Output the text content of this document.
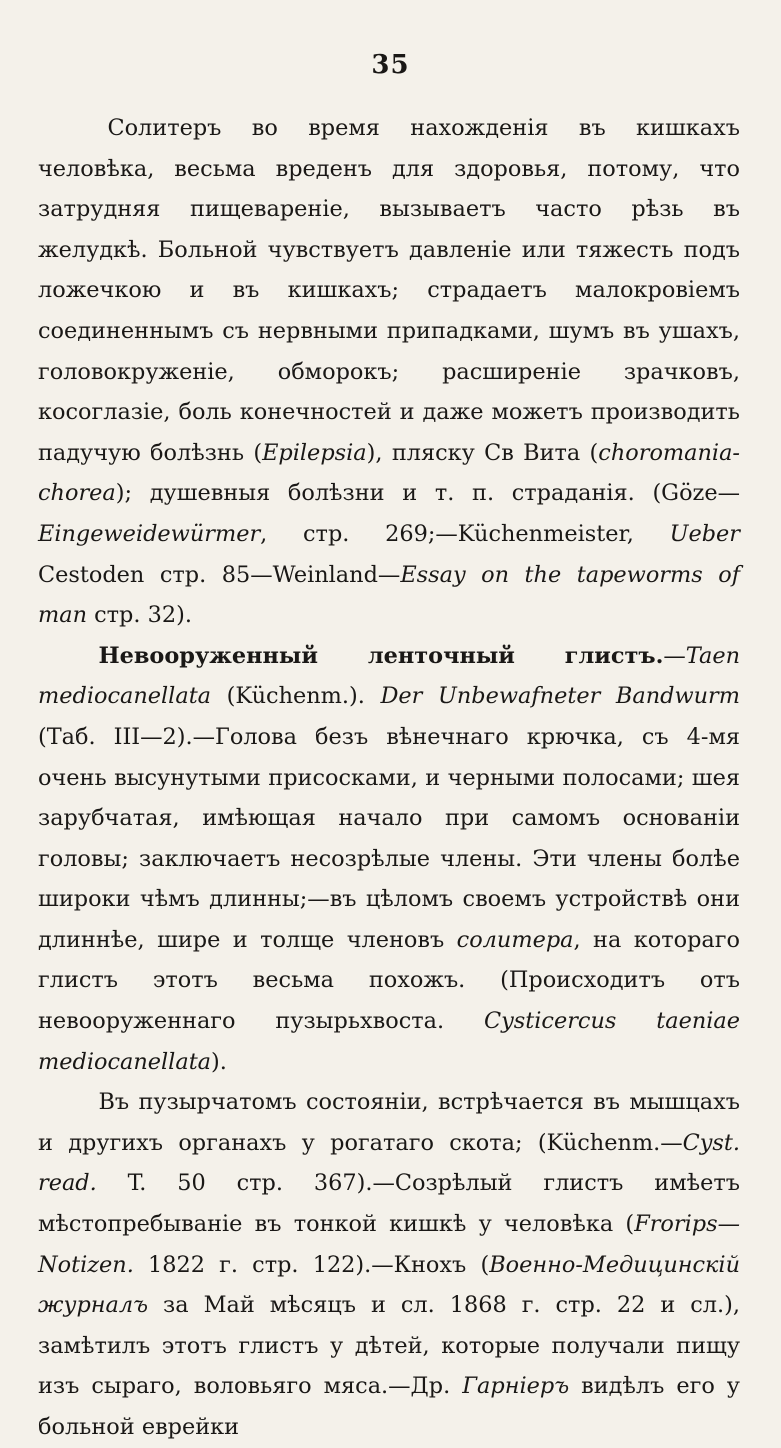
35

Солитеръ во время нахожденія въ кишкахъ человѣка, весьма вреденъ для здоровья, потому, что затрудняя пищевареніе, вызываетъ часто рѣзь въ желудкѣ. Больной чувствуетъ давленіе или тяжесть подъ ложечкою и въ кишкахъ; страдаетъ малокровіемъ соединеннымъ съ нервными припадками, шумъ въ ушахъ, головокруженіе, обморокъ; расширеніе зрачковъ, косоглазіе, боль конечностей и даже можетъ производить падучую болѣзнь (Epilepsia), пляску Св Вита (choromania-chorea); душевныя болѣзни и т. п. страданія. (Göze—Eingeweidewürmer, стр. 269;—Küchenmeister, Ueber Cestoden стр. 85—Weinland—Essay on the tapeworms of man стр. 32).

Невооруженный ленточный глистъ.—Taen mediocanellata (Küchenm.). Der Unbewafneter Bandwurm (Таб. III—2).—Голова безъ вѣнечнаго крючка, съ 4-мя очень высунутыми присосками, и черными полосами; шея зарубчатая, имѣющая начало при самомъ основаніи головы; заключаетъ несозрѣлые члены. Эти члены болѣе широки чѣмъ длинны;—въ цѣломъ своемъ устройствѣ они длиннѣе, шире и толще членовъ солитера, на котораго глистъ этотъ весьма похожъ. (Происходитъ отъ невооруженнаго пузырьхвоста. Cysticercus taeniae mediocanellata).

Въ пузырчатомъ состояніи, встрѣчается въ мышцахъ и другихъ органахъ у рогатаго скота; (Küchenm.—Cyst. read. T. 50 стр. 367).—Созрѣлый глистъ имѣетъ мѣстопребываніе въ тонкой кишкѣ у человѣка (Frorips—Notizen. 1822 г. стр. 122).—Кнохъ (Военно-Медицинскій журналъ за Май мѣсяцъ и сл. 1868 г. стр. 22 и сл.), замѣтилъ этотъ глистъ у дѣтей, которые получали пищу изъ сыраго, воловьяго мяса.—Др. Гарніеръ видѣлъ его у больной еврейки
